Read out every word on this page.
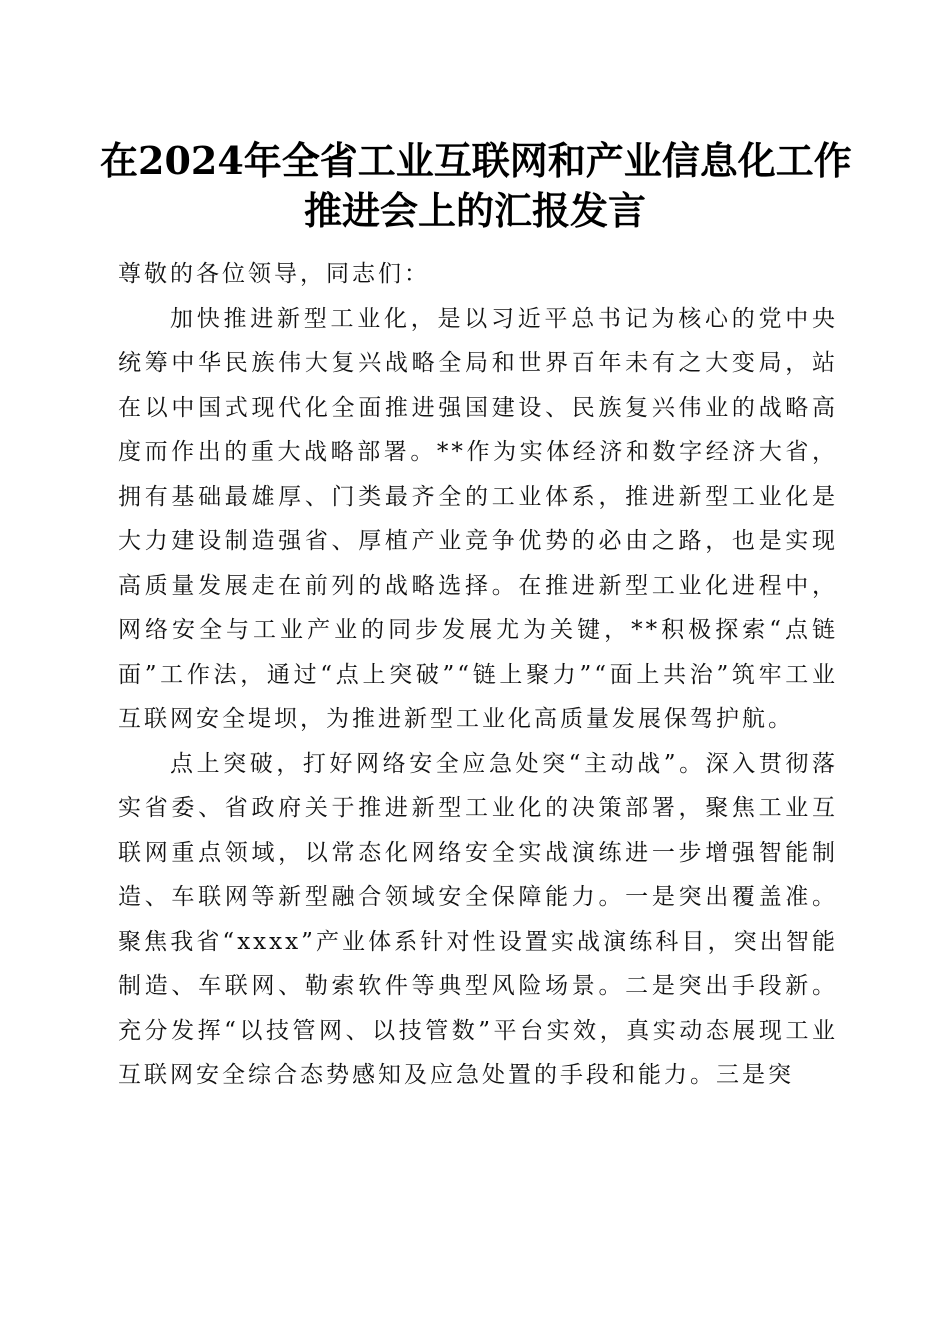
在2024年全省工业互联网和产业信息化工作
推进会上的汇报发言

尊敬的各位领导，同志们：

加快推进新型工业化，是以习近平总书记为核心的党中央统筹中华民族伟大复兴战略全局和世界百年未有之大变局，站在以中国式现代化全面推进强国建设、民族复兴伟业的战略高度而作出的重大战略部署。**作为实体经济和数字经济大省，拥有基础最雄厚、门类最齐全的工业体系，推进新型工业化是大力建设制造强省、厚植产业竞争优势的必由之路，也是实现高质量发展走在前列的战略选择。在推进新型工业化进程中，网络安全与工业产业的同步发展尤为关键，**积极探索“点链面”工作法，通过“点上突破”“链上聚力”“面上共治”筑牢工业互联网安全堤坝，为推进新型工业化高质量发展保驾护航。

点上突破，打好网络安全应急处突“主动战”。深入贯彻落实省委、省政府关于推进新型工业化的决策部署，聚焦工业互联网重点领域，以常态化网络安全实战演练进一步增强智能制造、车联网等新型融合领域安全保障能力。一是突出覆盖准。聚焦我省“xxxx”产业体系针对性设置实战演练科目，突出智能制造、车联网、勒索软件等典型风险场景。二是突出手段新。充分发挥“以技管网、以技管数”平台实效，真实动态展现工业互联网安全综合态势感知及应急处置的手段和能力。三是突
